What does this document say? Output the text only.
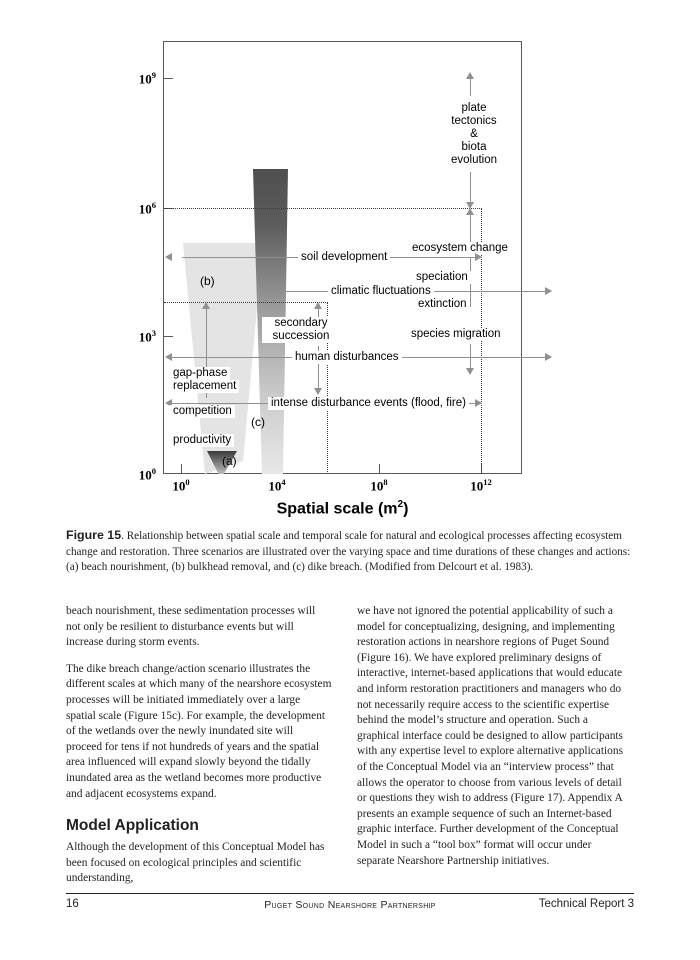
$10^9$
$10^6$
$10^3$
$10^0$
$10^0$	$10^4$	$10^8$	$10^{12}$
Spatial scale $(m^2)$
(b)
(c)
(a)
plate
tectonics
&
biota
evolution
ecosystem change
soil development
speciation
climatic fluctuations
extinction
secondary
succession	species migration
human disturbances
gap-phase
replacement
intense disturbance events (flood, fire)
competition
productivity
Figure 15. Relationship between spatial scale and temporal scale for natural and ecological processes affecting ecosystem change and restoration. Three scenarios are illustrated over the varying space and time durations of these changes and actions: (a) beach nourishment, (b) bulkhead removal, and (c) dike breach. (Modified from Delcourt et al. 1983).

beach nourishment, these sedimentation processes will not only be resilient to disturbance events but will increase during storm events.

The dike breach change/action scenario illustrates the different scales at which many of the nearshore ecosystem processes will be initiated immediately over a large spatial scale (Figure 15c). For example, the development of the wetlands over the newly inundated site will proceed for tens if not hundreds of years and the spatial area influenced will expand slowly beyond the tidally inundated area as the wetland becomes more productive and adjacent ecosystems expand.

Model Application

Although the development of this Conceptual Model has been focused on ecological principles and scientific understanding,

we have not ignored the potential applicability of such a model for conceptualizing, designing, and implementing restoration actions in nearshore regions of Puget Sound (Figure 16). We have explored preliminary designs of interactive, internet-based applications that would educate and inform restoration practitioners and managers who do not necessarily require access to the scientific expertise behind the model’s structure and operation. Such a graphical interface could be designed to allow participants with any expertise level to explore alternative applications of the Conceptual Model via an “interview process” that allows the operator to choose from various levels of detail or questions they wish to address (Figure 17). Appendix A presents an example sequence of such an Internet-based graphic interface. Further development of the Conceptual Model in such a “tool box” format will occur under separate Nearshore Partnership initiatives.

16	Puget Sound Nearshore Partnership	Technical Report 3
